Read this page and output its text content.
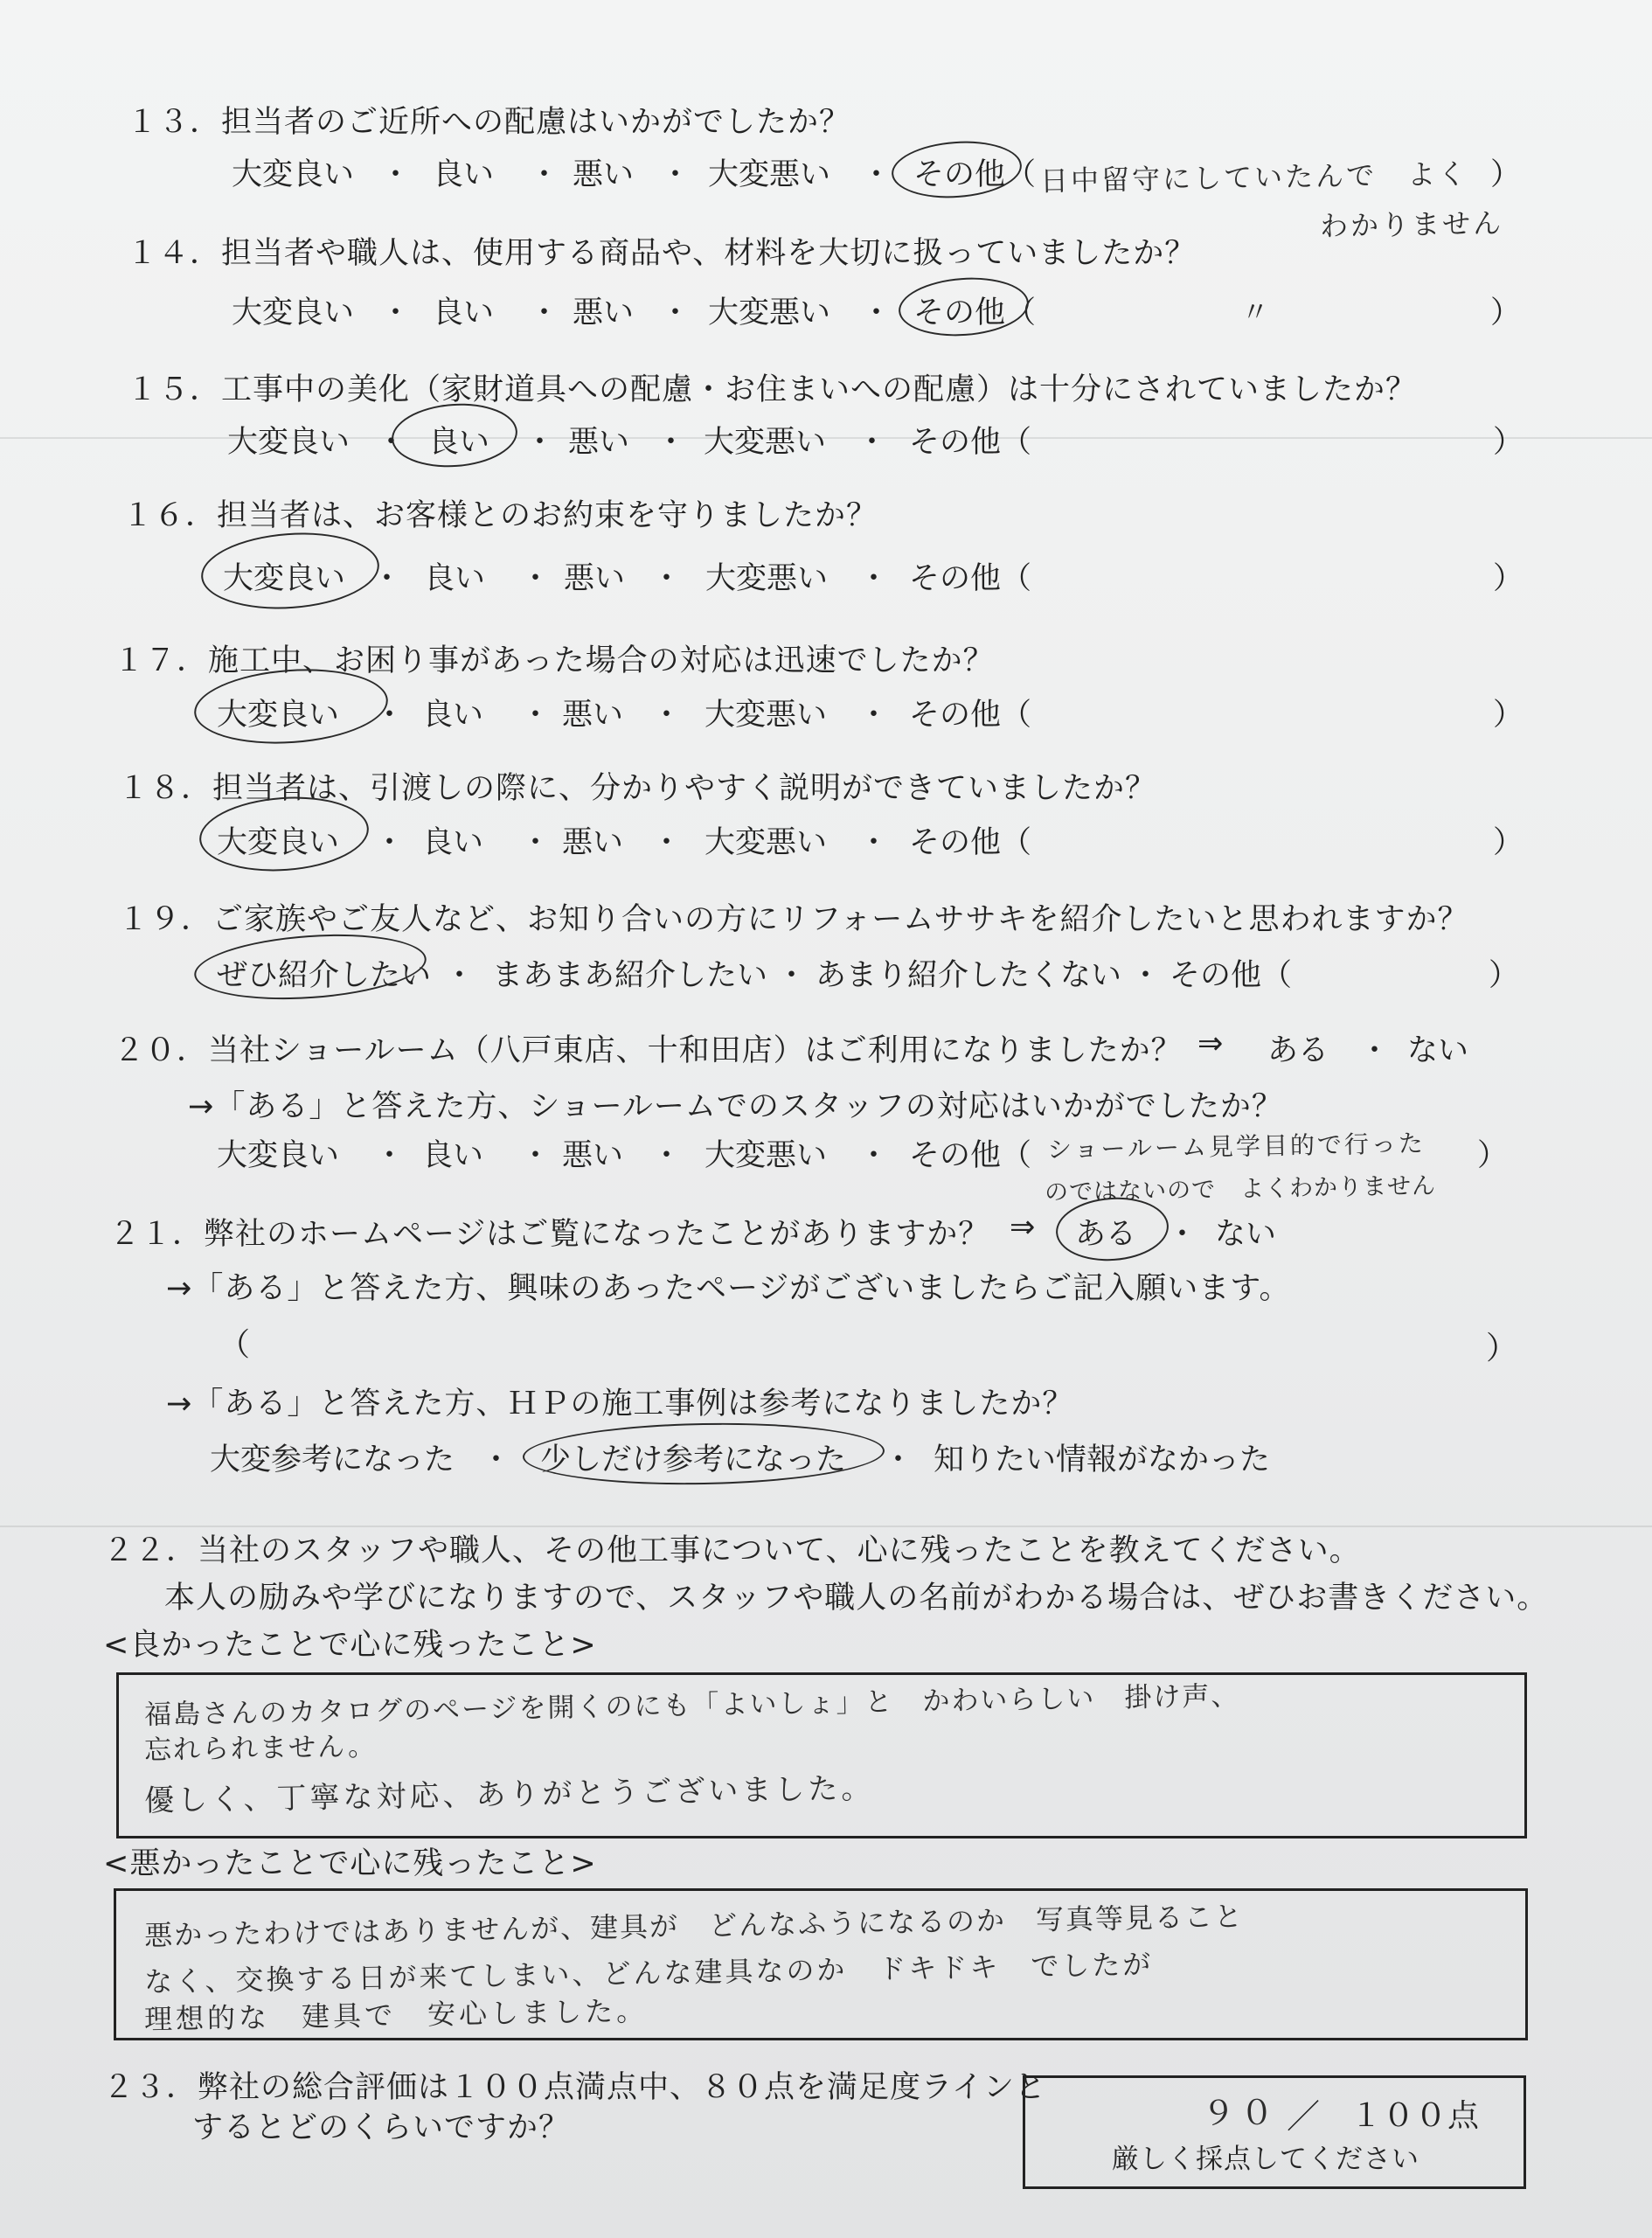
１３．担当者のご近所への配慮はいかがでしたか？
大変良い ・ 良い ・ 悪い ・ 大変悪い ・ その他（	）
日中留守にしていたんで　よく
わかりません
１４．担当者や職人は、使用する商品や、材料を大切に扱っていましたか？
大変良い ・ 良い ・ 悪い ・ 大変悪い ・ その他（	）
〃
１５．工事中の美化（家財道具への配慮・お住まいへの配慮）は十分にされていましたか？
大変良い ・ 良い ・ 悪い ・ 大変悪い ・ その他（	）
１６．担当者は、お客様とのお約束を守りましたか？
大変良い ・ 良い ・ 悪い ・ 大変悪い ・ その他（	）
１７．施工中、お困り事があった場合の対応は迅速でしたか？
大変良い ・ 良い ・ 悪い ・ 大変悪い ・ その他（	）
１８．担当者は、引渡しの際に、分かりやすく説明ができていましたか？
大変良い ・ 良い ・ 悪い ・ 大変悪い ・ その他（	）
１９．ご家族やご友人など、お知り合いの方にリフォームササキを紹介したいと思われますか？
ぜひ紹介したい ・ まあまあ紹介したい ・ あまり紹介したくない ・ その他（	）
２０．当社ショールーム（八戸東店、十和田店）はご利用になりましたか？ ⇒ ある ・ ない
→「ある」と答えた方、ショールームでのスタッフの対応はいかがでしたか？
大変良い ・ 良い ・ 悪い ・ 大変悪い ・ その他（	）
ショールーム見学目的で行った
のではないので　よくわかりません
２１．弊社のホームページはご覧になったことがありますか？ ⇒ ある ・ ない
→「ある」と答えた方、興味のあったページがございましたらご記入願います。
（	）
→「ある」と答えた方、ＨＰの施工事例は参考になりましたか？
大変参考になった ・ 少しだけ参考になった ・ 知りたい情報がなかった
２２．当社のスタッフや職人、その他工事について、心に残ったことを教えてください。
本人の励みや学びになりますので、スタッフや職人の名前がわかる場合は、ぜひお書きください。
<良かったことで心に残ったこと>
福島さんのカタログのページを開くのにも「よいしょ」と　かわいらしい　掛け声、
忘れられません。
優しく、丁寧な対応、ありがとうございました。
<悪かったことで心に残ったこと>
悪かったわけではありませんが、建具が　どんなふうになるのか　写真等見ること
なく、交換する日が来てしまい、どんな建具なのか　ドキドキ　でしたが
理想的な　建具で　安心しました。
２３．弊社の総合評価は１００点満点中、８０点を満足度ラインと
するとどのくらいですか？	９０ ／ １００点
厳しく採点してください
